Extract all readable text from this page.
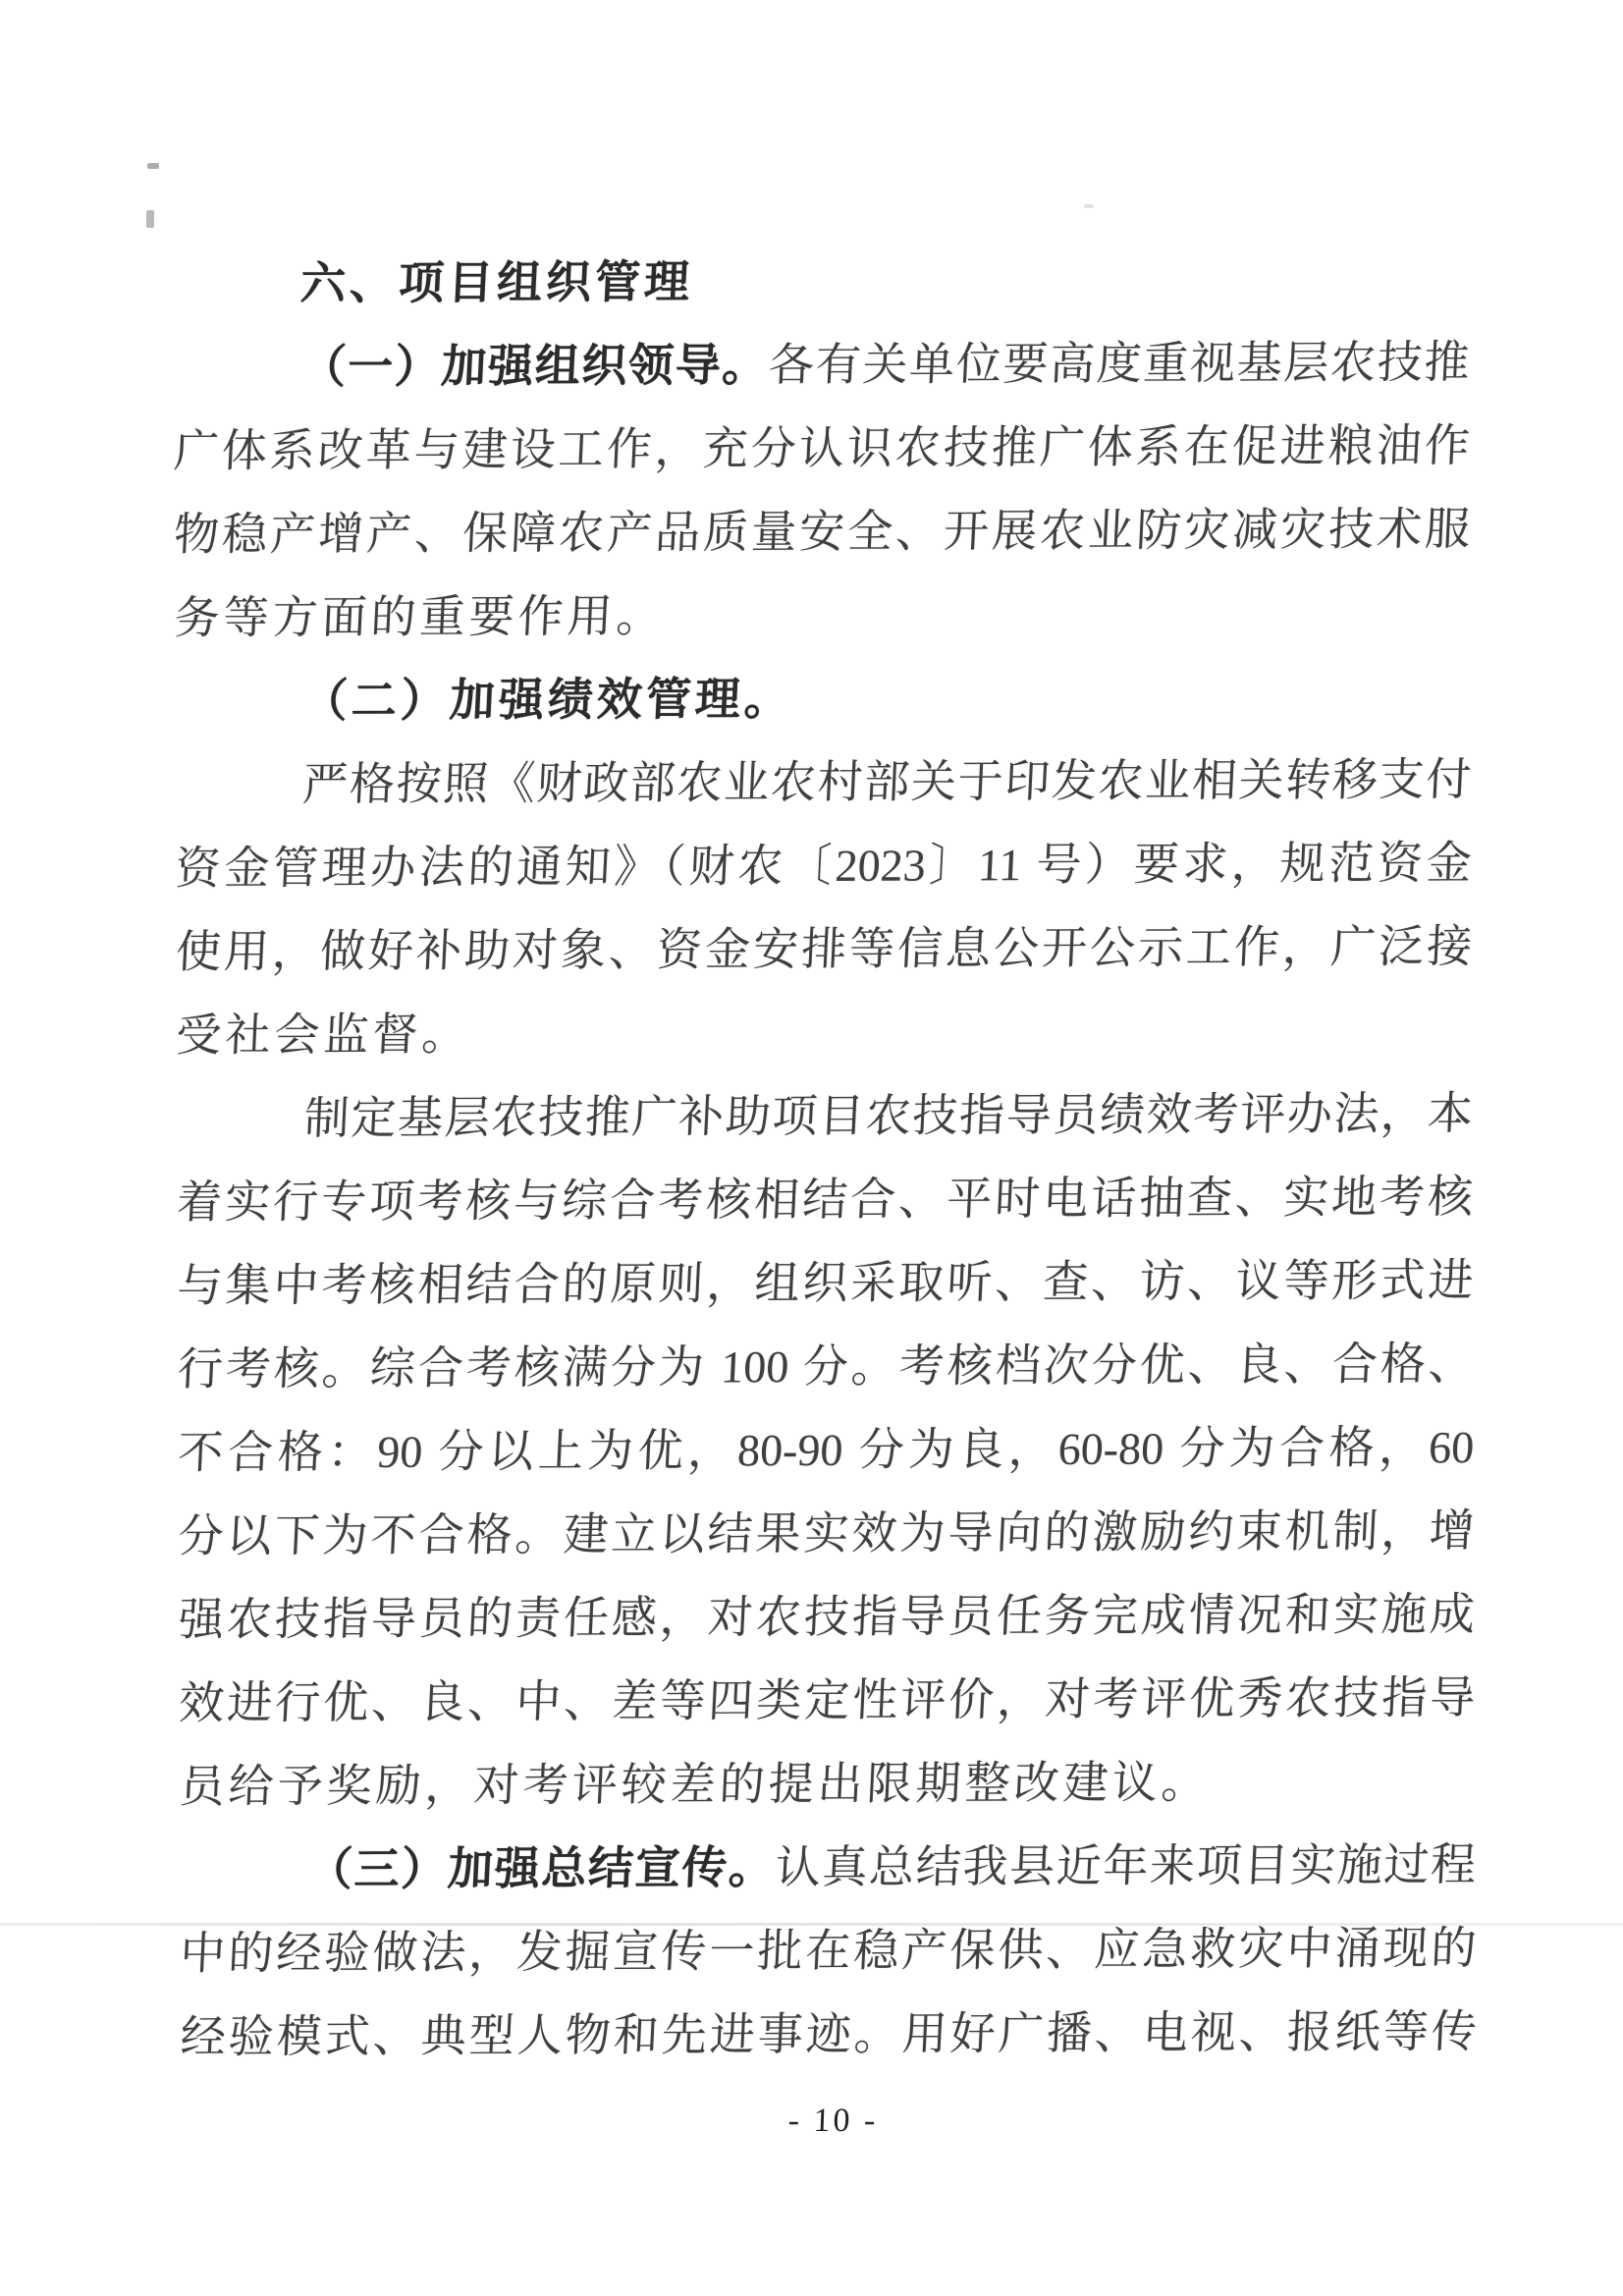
六、项目组织管理
（一）加强组织领导。各有关单位要高度重视基层农技推
广体系改革与建设工作，充分认识农技推广体系在促进粮油作
物稳产增产、保障农产品质量安全、开展农业防灾减灾技术服
务等方面的重要作用。
（二）加强绩效管理。
严格按照《财政部农业农村部关于印发农业相关转移支付
资金管理办法的通知》（财农〔2023〕11 号）要求，规范资金
使用，做好补助对象、资金安排等信息公开公示工作，广泛接
受社会监督。
制定基层农技推广补助项目农技指导员绩效考评办法，本
着实行专项考核与综合考核相结合、平时电话抽查、实地考核
与集中考核相结合的原则，组织采取听、查、访、议等形式进
行考核。综合考核满分为 100 分。考核档次分优、良、合格、
不合格：90 分以上为优，80-90 分为良，60-80 分为合格，60
分以下为不合格。建立以结果实效为导向的激励约束机制，增
强农技指导员的责任感，对农技指导员任务完成情况和实施成
效进行优、良、中、差等四类定性评价，对考评优秀农技指导
员给予奖励，对考评较差的提出限期整改建议。
（三）加强总结宣传。认真总结我县近年来项目实施过程
中的经验做法，发掘宣传一批在稳产保供、应急救灾中涌现的
经验模式、典型人物和先进事迹。用好广播、电视、报纸等传
- 10 -
